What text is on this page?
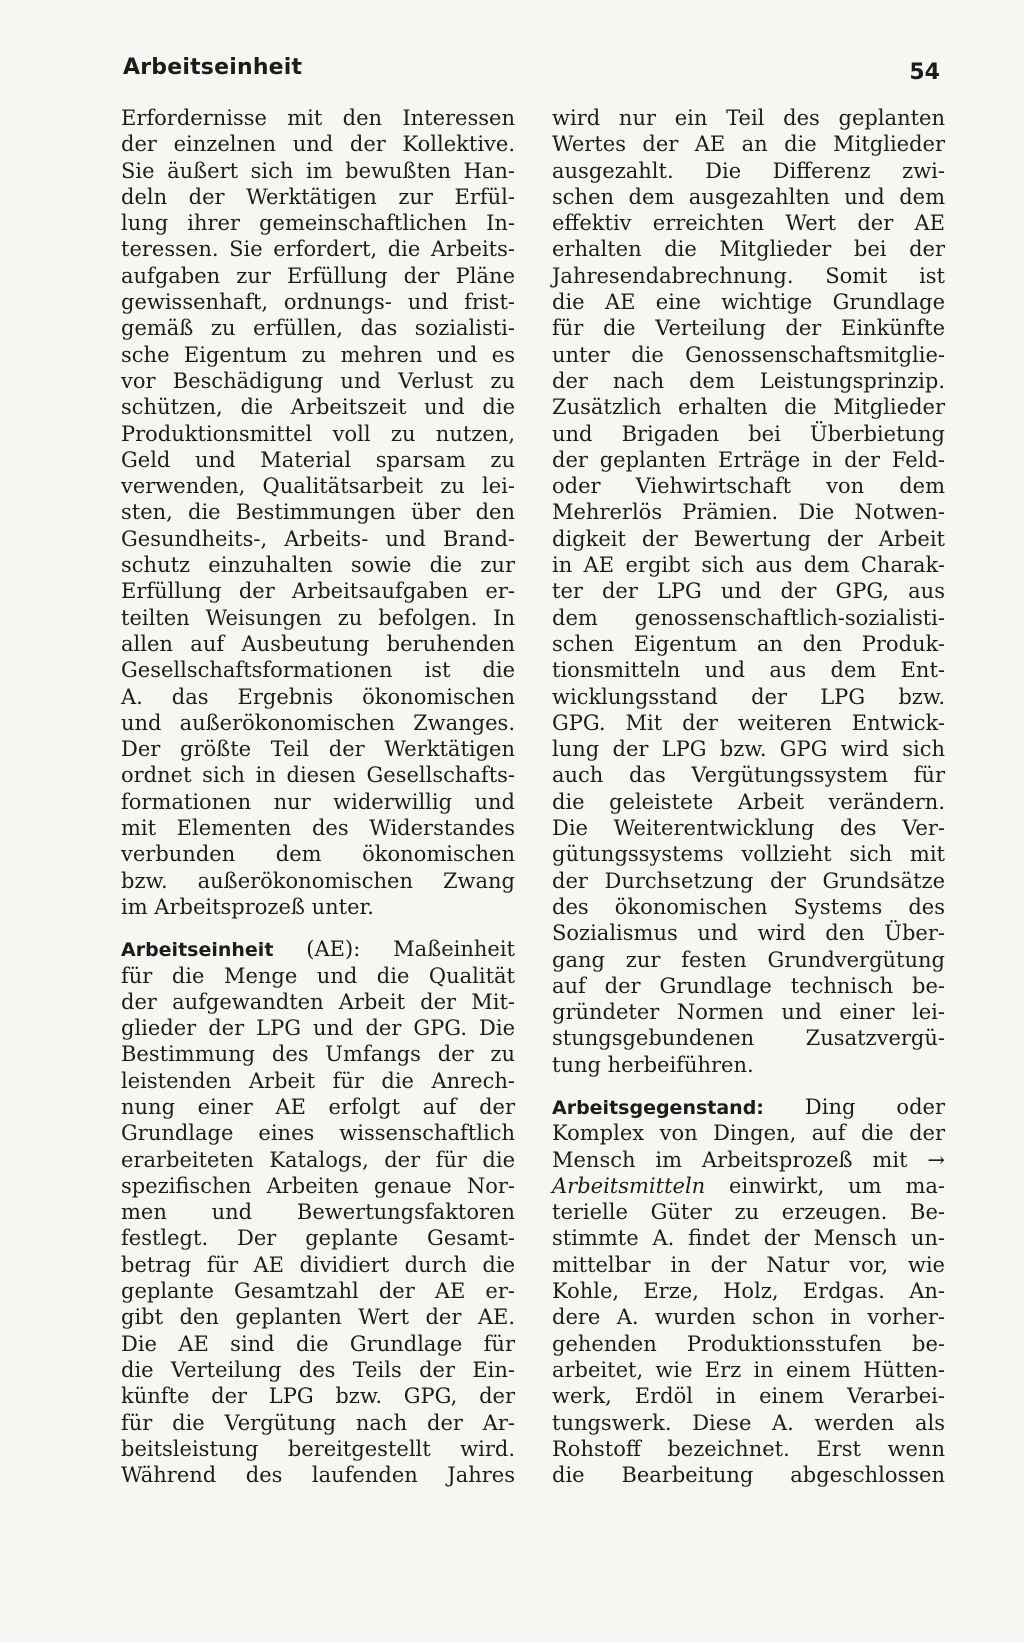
Arbeitseinheit	54
Erfordernisse mit den Interessen
der einzelnen und der Kollektive.
Sie äußert sich im bewußten Han-
deln der Werktätigen zur Erfül-
lung ihrer gemeinschaftlichen In-
teressen. Sie erfordert, die Arbeits-
aufgaben zur Erfüllung der Pläne
gewissenhaft, ordnungs- und frist-
gemäß zu erfüllen, das sozialisti-
sche Eigentum zu mehren und es
vor Beschädigung und Verlust zu
schützen, die Arbeitszeit und die
Produktionsmittel voll zu nutzen,
Geld und Material sparsam zu
verwenden, Qualitätsarbeit zu lei-
sten, die Bestimmungen über den
Gesundheits-, Arbeits- und Brand-
schutz einzuhalten sowie die zur
Erfüllung der Arbeitsaufgaben er-
teilten Weisungen zu befolgen. In
allen auf Ausbeutung beruhenden
Gesellschaftsformationen ist die
A. das Ergebnis ökonomischen
und außerökonomischen Zwanges.
Der größte Teil der Werktätigen
ordnet sich in diesen Gesellschafts-
formationen nur widerwillig und
mit Elementen des Widerstandes
verbunden dem ökonomischen
bzw. außerökonomischen Zwang
im Arbeitsprozeß unter.
Arbeitseinheit (AE): Maßeinheit
für die Menge und die Qualität
der aufgewandten Arbeit der Mit-
glieder der LPG und der GPG. Die
Bestimmung des Umfangs der zu
leistenden Arbeit für die Anrech-
nung einer AE erfolgt auf der
Grundlage eines wissenschaftlich
erarbeiteten Katalogs, der für die
spezifischen Arbeiten genaue Nor-
men und Bewertungsfaktoren
festlegt. Der geplante Gesamt-
betrag für AE dividiert durch die
geplante Gesamtzahl der AE er-
gibt den geplanten Wert der AE.
Die AE sind die Grundlage für
die Verteilung des Teils der Ein-
künfte der LPG bzw. GPG, der
für die Vergütung nach der Ar-
beitsleistung bereitgestellt wird.
Während des laufenden Jahres
wird nur ein Teil des geplanten
Wertes der AE an die Mitglieder
ausgezahlt. Die Differenz zwi-
schen dem ausgezahlten und dem
effektiv erreichten Wert der AE
erhalten die Mitglieder bei der
Jahresendabrechnung. Somit ist
die AE eine wichtige Grundlage
für die Verteilung der Einkünfte
unter die Genossenschaftsmitglie-
der nach dem Leistungsprinzip.
Zusätzlich erhalten die Mitglieder
und Brigaden bei Überbietung
der geplanten Erträge in der Feld-
oder Viehwirtschaft von dem
Mehrerlös Prämien. Die Notwen-
digkeit der Bewertung der Arbeit
in AE ergibt sich aus dem Charak-
ter der LPG und der GPG, aus
dem genossenschaftlich-sozialisti-
schen Eigentum an den Produk-
tionsmitteln und aus dem Ent-
wicklungsstand der LPG bzw.
GPG. Mit der weiteren Entwick-
lung der LPG bzw. GPG wird sich
auch das Vergütungssystem für
die geleistete Arbeit verändern.
Die Weiterentwicklung des Ver-
gütungssystems vollzieht sich mit
der Durchsetzung der Grundsätze
des ökonomischen Systems des
Sozialismus und wird den Über-
gang zur festen Grundvergütung
auf der Grundlage technisch be-
gründeter Normen und einer lei-
stungsgebundenen Zusatzvergü-
tung herbeiführen.
Arbeitsgegenstand: Ding oder
Komplex von Dingen, auf die der
Mensch im Arbeitsprozeß mit →
Arbeitsmitteln einwirkt, um ma-
terielle Güter zu erzeugen. Be-
stimmte A. findet der Mensch un-
mittelbar in der Natur vor, wie
Kohle, Erze, Holz, Erdgas. An-
dere A. wurden schon in vorher-
gehenden Produktionsstufen be-
arbeitet, wie Erz in einem Hütten-
werk, Erdöl in einem Verarbei-
tungswerk. Diese A. werden als
Rohstoff bezeichnet. Erst wenn
die Bearbeitung abgeschlossen
